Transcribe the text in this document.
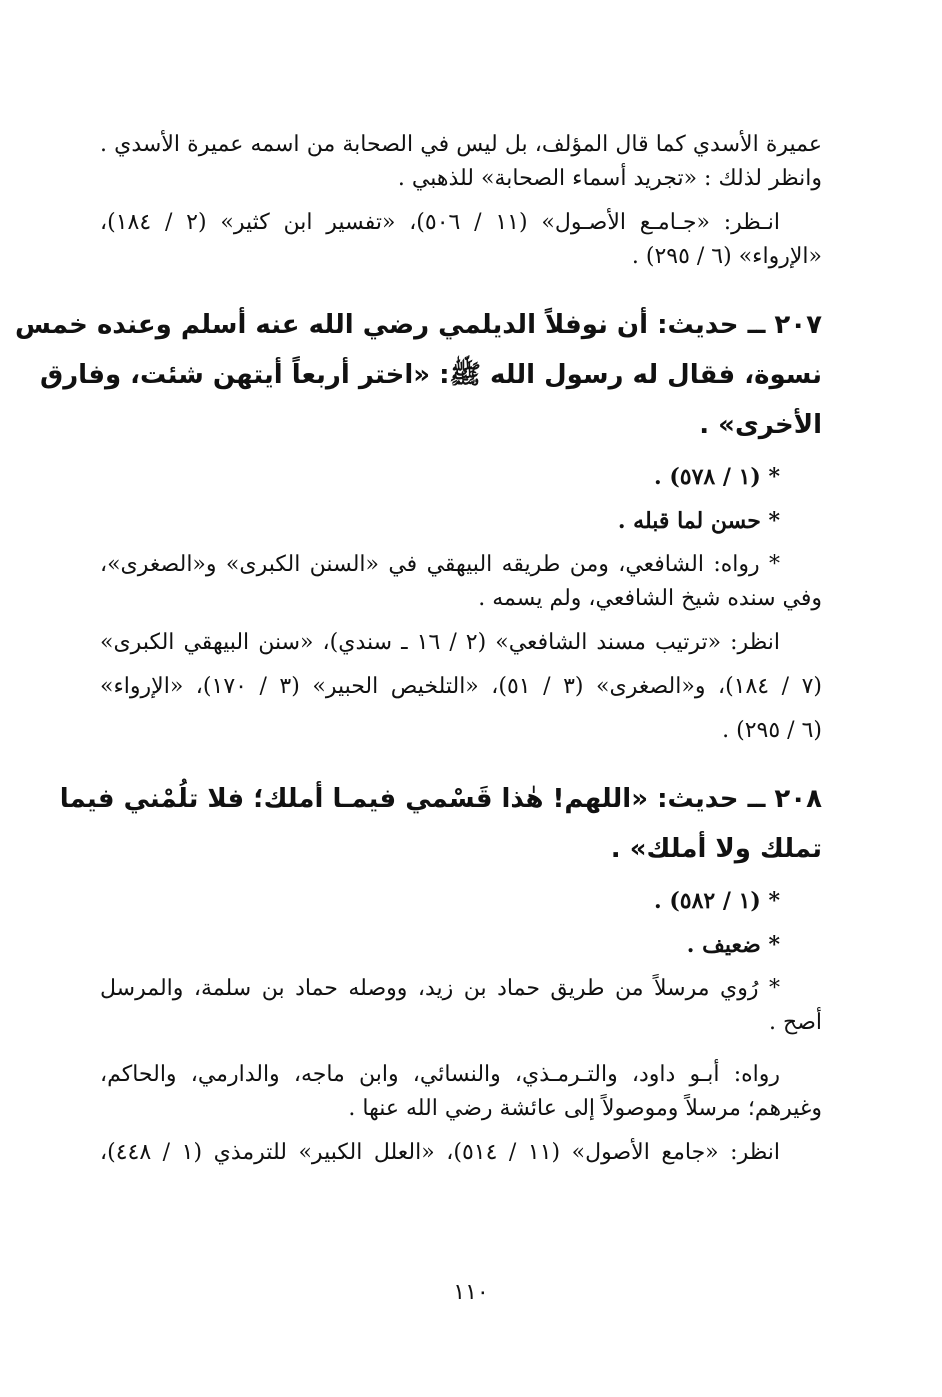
عميرة الأسدي كما قال المؤلف، بل ليس في الصحابة من اسمه عميرة الأسدي .
وانظر لذلك : «تجريد أسماء الصحابة» للذهبي .
انـظر: «جـامـع الأصـول» (١١ / ٥٠٦)، «تفسير ابن كثير» (٢ / ١٨٤)،
«الإرواء» (٦ / ٢٩٥) .
٢٠٧ ــ حديث: أن نوفلاً الديلمي رضي الله عنه أسلم وعنده خمس
نسوة، فقال له رسول الله ﷺ: «اختر أربعاً أيتهن شئت، وفارق
الأخرى» .
* (١ / ٥٧٨) .
* حسن لما قبله .
* رواه: الشافعي، ومن طريقه البيهقي في «السنن الكبرى» و«الصغرى»،
وفي سنده شيخ الشافعي، ولم يسمه .
انظر: «ترتيب مسند الشافعي» (٢ / ١٦ ـ سندي)، «سنن البيهقي الكبرى»
(٧ / ١٨٤)، و«الصغرى» (٣ / ٥١)، «التلخيص الحبير» (٣ / ١٧٠)، «الإرواء»
(٦ / ٢٩٥) .
٢٠٨ ــ حديث: «اللهم! هٰذا قَسْمي فيمـا أملك؛ فلا تلُمْني فيما
تملك ولا أملك» .
* (١ / ٥٨٢) .
* ضعيف .
* رُوي مرسلاً من طريق حماد بن زيد، ووصله حماد بن سلمة، والمرسل
أصح .
رواه: أبـو داود، والتـرمـذي، والنسائي، وابن ماجه، والدارمي، والحاكم،
وغيرهم؛ مرسلاً وموصولاً إلى عائشة رضي الله عنها .
انظر: «جامع الأصول» (١١ / ٥١٤)، «العلل الكبير» للترمذي (١ / ٤٤٨)،
١١٠
